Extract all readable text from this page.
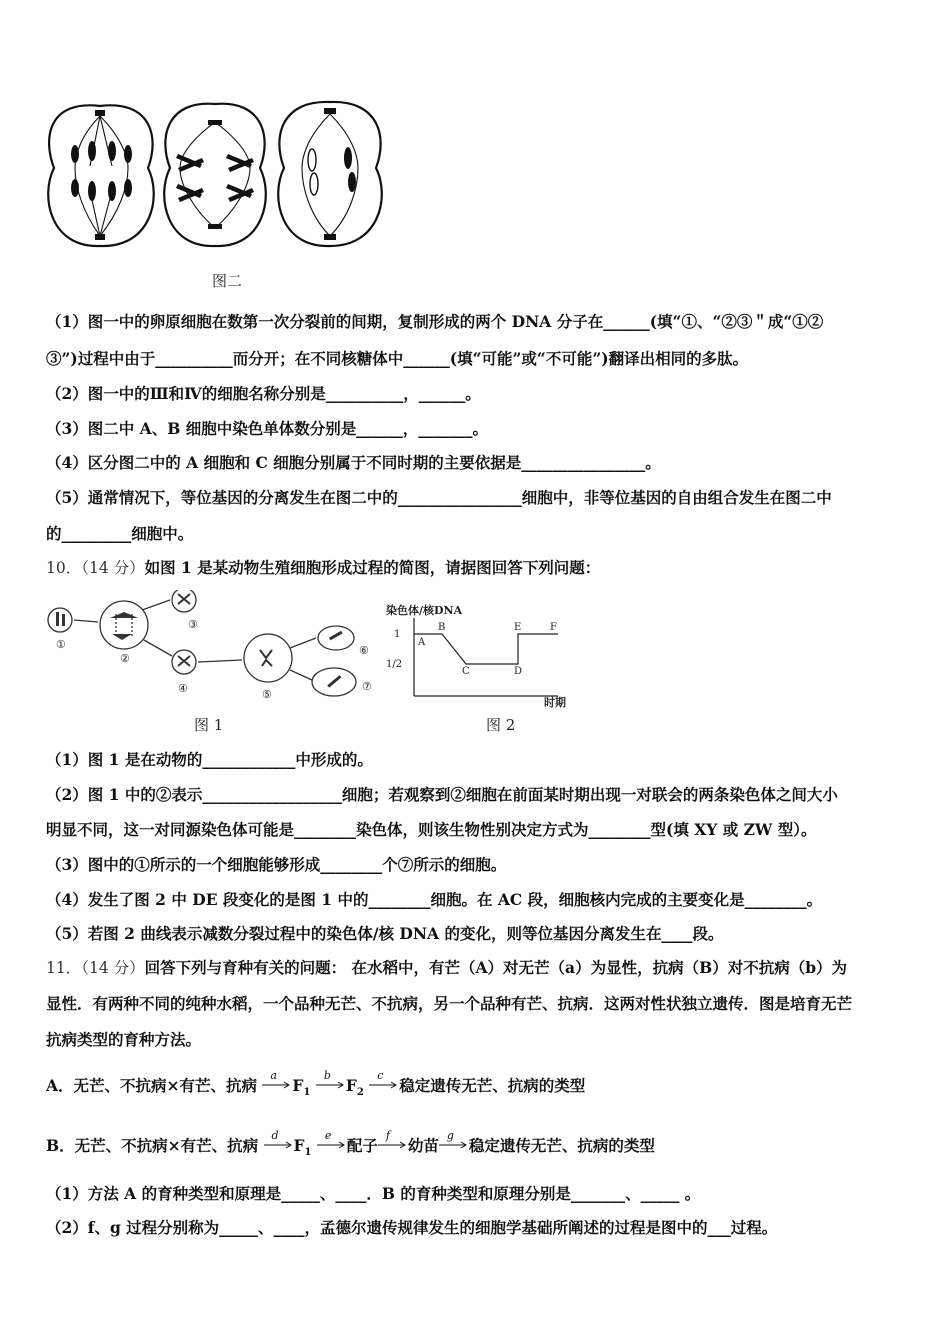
图二
（1）图一中的卵原细胞在数第一次分裂前的间期，复制形成的两个 DNA 分子在______(填“①、“②③＂成“①②
③”)过程中由于__________而分开；在不同核糖体中______(填“可能”或“不可能”)翻译出相同的多肽。
（2）图一中的Ⅲ和Ⅳ的细胞名称分别是__________，______。
（3）图二中 A、B 细胞中染色单体数分别是______，_______。
（4）区分图二中的 A 细胞和 C 细胞分别属于不同时期的主要依据是________________。
（5）通常情况下，等位基因的分离发生在图二中的________________细胞中，非等位基因的自由组合发生在图二中
的_________细胞中。
10．（14 分）如图 1 是某动物生殖细胞形成过程的简图，请据图回答下列问题：
①
②
③
④	⑤
⑥
⑦
图 1
染色体/核DNA
时期
1
1/2
A
B
C	D
E	F
图 2
（1）图 1 是在动物的____________中形成的。
（2）图 1 中的②表示__________________细胞；若观察到②细胞在前面某时期出现一对联会的两条染色体之间大小
明显不同，这一对同源染色体可能是________染色体，则该生物性别决定方式为________型(填 XY 或 ZW 型）。
（3）图中的①所示的一个细胞能够形成________个⑦所示的细胞。
（4）发生了图 2 中 DE 段变化的是图 1 中的________细胞。在 AC 段，细胞核内完成的主要变化是________。
（5）若图 2 曲线表示减数分裂过程中的染色体/核 DNA 的变化，则等位基因分离发生在____段。
11．（14 分）回答下列与育种有关的问题： 在水稻中，有芒（A）对无芒（a）为显性，抗病（B）对不抗病（b）为
显性．有两种不同的纯种水稻，一个品种无芒、不抗病，另一个品种有芒、抗病．这两对性状独立遗传．图是培育无芒
抗病类型的育种方法。
A．无芒、不抗病×有芒、抗病
a
$F_1$
b
$F_2$
c
稳定遗传无芒、抗病的类型
B．无芒、不抗病×有芒、抗病
d
$F_1$
e
配子
f
幼苗
g
稳定遗传无芒、抗病的类型
（1）方法 A 的育种类型和原理是_____、____．B 的育种类型和原理分别是_______、_____ 。
（2）f、g 过程分别称为_____、____，孟德尔遗传规律发生的细胞学基础所阐述的过程是图中的___过程。
